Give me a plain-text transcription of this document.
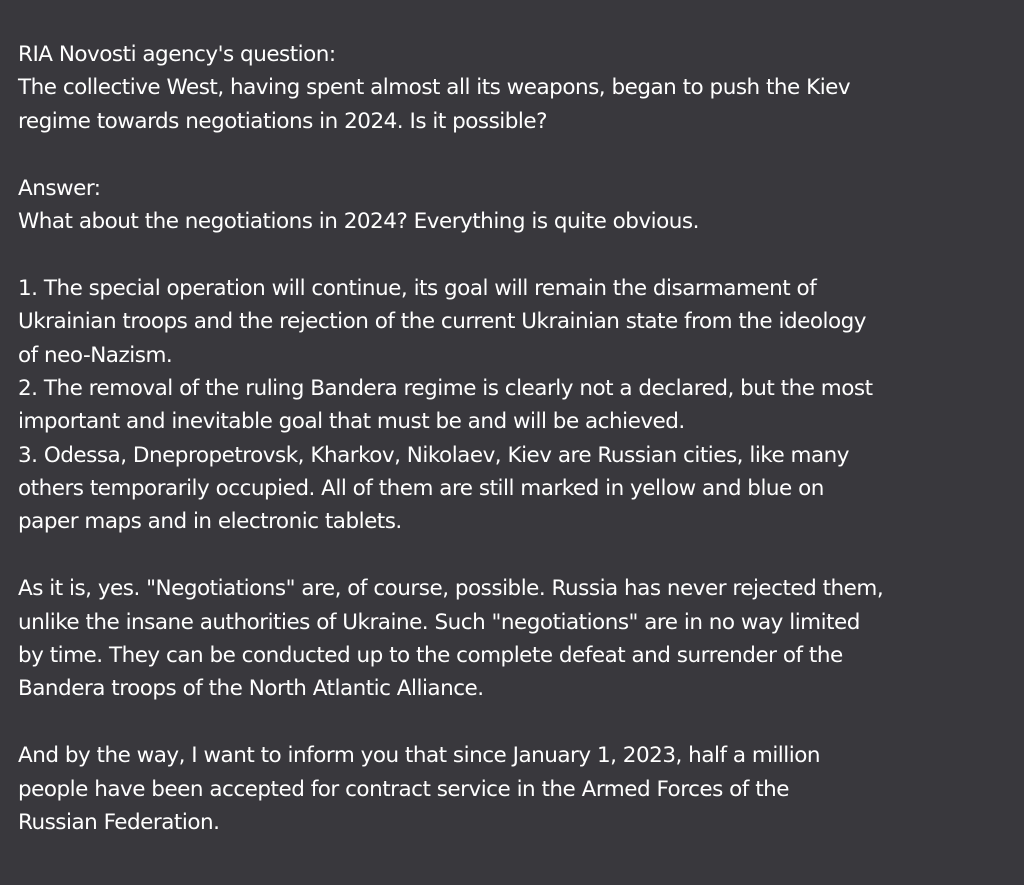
RIA Novosti agency's question:
The collective West, having spent almost all its weapons, began to push the Kiev
regime towards negotiations in 2024. Is it possible?
Answer:
What about the negotiations in 2024? Everything is quite obvious.
1. The special operation will continue, its goal will remain the disarmament of
Ukrainian troops and the rejection of the current Ukrainian state from the ideology
of neo-Nazism.
2. The removal of the ruling Bandera regime is clearly not a declared, but the most
important and inevitable goal that must be and will be achieved.
3. Odessa, Dnepropetrovsk, Kharkov, Nikolaev, Kiev are Russian cities, like many
others temporarily occupied. All of them are still marked in yellow and blue on
paper maps and in electronic tablets.
As it is, yes. "Negotiations" are, of course, possible. Russia has never rejected them,
unlike the insane authorities of Ukraine. Such "negotiations" are in no way limited
by time. They can be conducted up to the complete defeat and surrender of the
Bandera troops of the North Atlantic Alliance.
And by the way, I want to inform you that since January 1, 2023, half a million
people have been accepted for contract service in the Armed Forces of the
Russian Federation.
